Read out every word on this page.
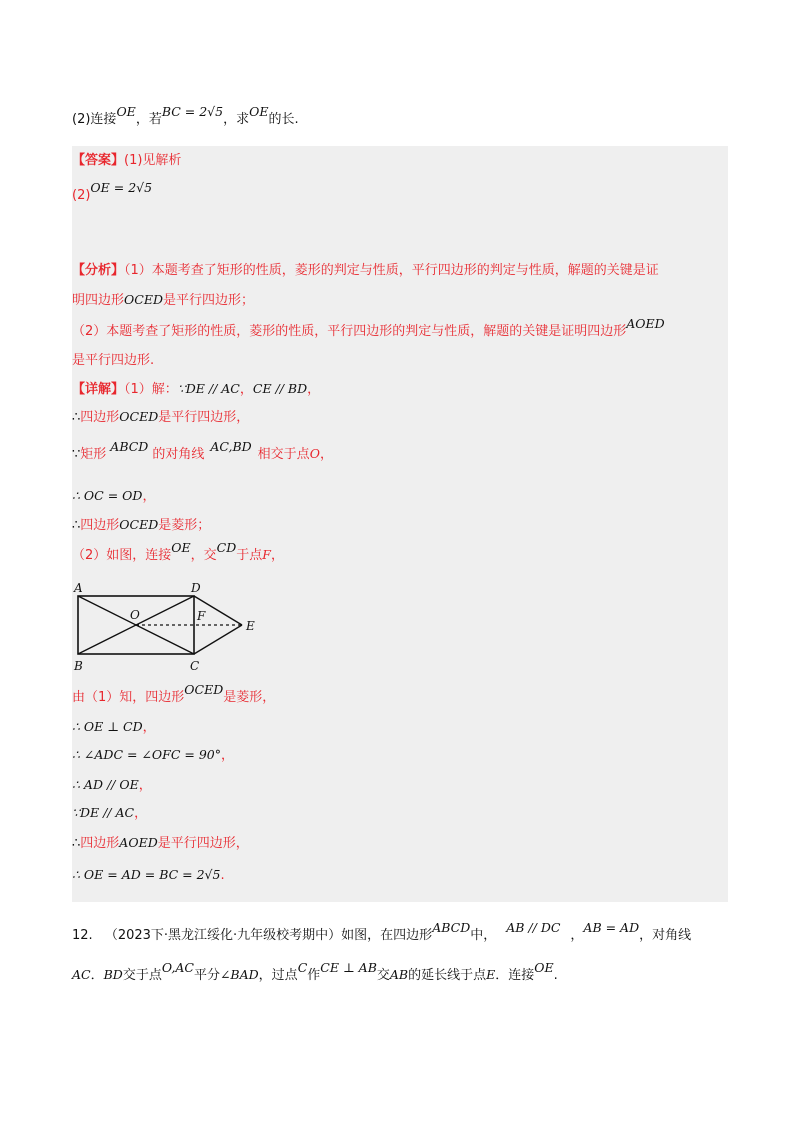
(2)连接OE，若BC = 2√5，求OE的长.
【答案】(1)见解析
(2)OE = 2√5
【分析】（1）本题考查了矩形的性质，菱形的判定与性质，平行四边形的判定与性质，解题的关键是证
明四边形OCED是平行四边形；
（2）本题考查了矩形的性质，菱形的性质，平行四边形的判定与性质，解题的关键是证明四边形AOED
是平行四边形.
【详解】（1）解：∵DE // AC，CE // BD，
∴四边形OCED是平行四边形，
∵矩形ABCD的对角线AC,BD相交于点O，
∴ OC = OD，
∴四边形OCED是菱形；
（2）如图，连接OE，交CD于点F，
A	D
O	F
E
B	C
由（1）知，四边形OCED是菱形，
∴ OE ⊥ CD，
∴ ∠ADC = ∠OFC = 90°，
∴ AD // OE，
∵DE // AC，
∴四边形AOED是平行四边形，
∴ OE = AD = BC = 2√5.
12. （2023下·黑龙江绥化·九年级校考期中）如图，在四边形ABCD中，AB // DC，AB = AD，对角线
AC．BD交于点O,AC平分∠BAD，过点C作CE ⊥ AB交AB的延长线于点E．连接OE.
